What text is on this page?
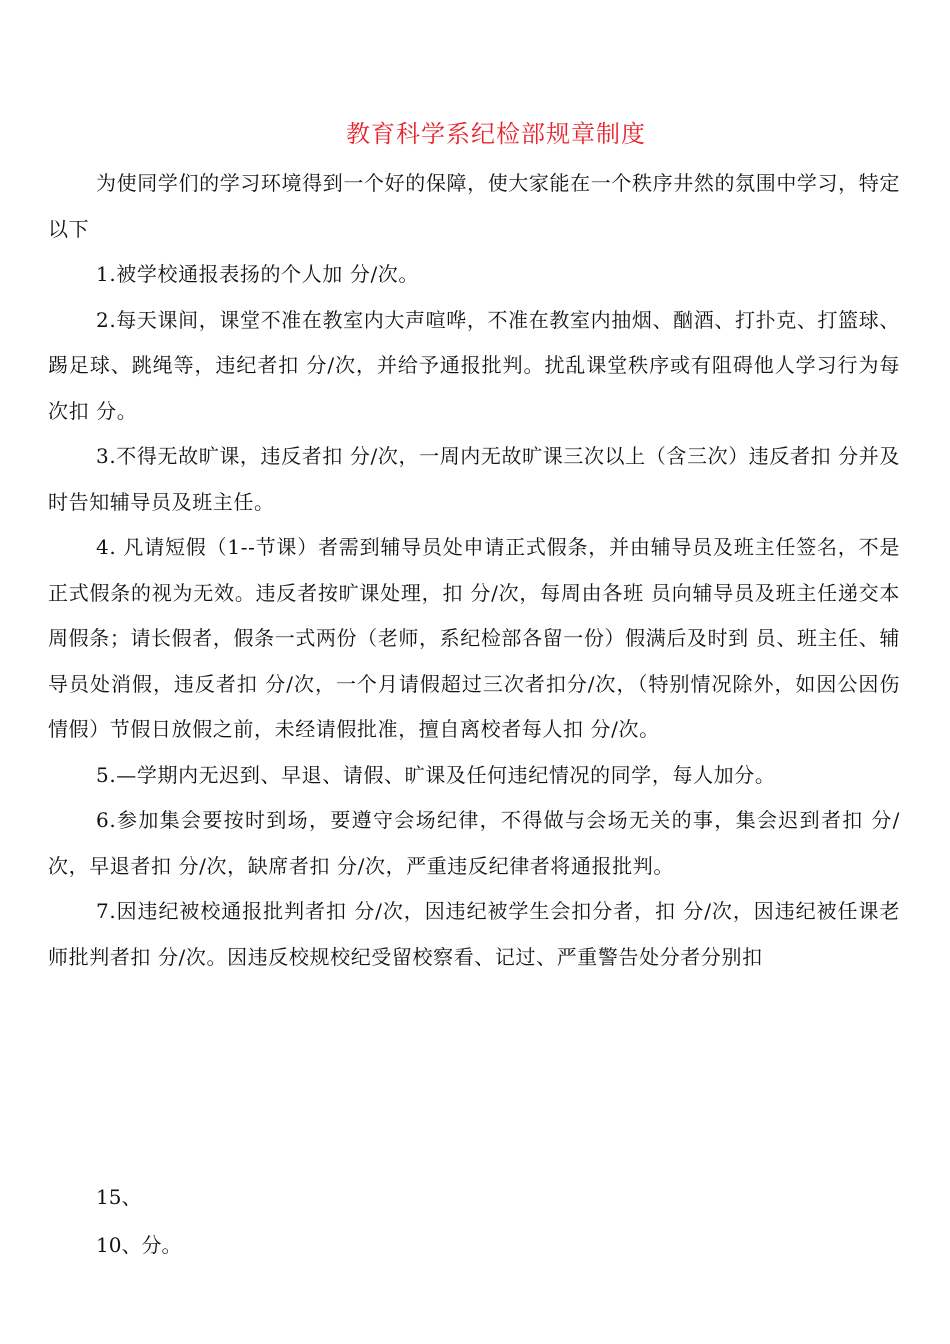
教育科学系纪检部规章制度

为使同学们的学习环境得到一个好的保障，使大家能在一个秩序井然的氛围中学习，特定以下

1.被学校通报表扬的个人加 分/次。

2.每天课间，课堂不准在教室内大声喧哗，不准在教室内抽烟、酗酒、打扑克、打篮球、踢足球、跳绳等，违纪者扣 分/次，并给予通报批判。扰乱课堂秩序或有阻碍他人学习行为每次扣 分。

3.不得无故旷课，违反者扣 分/次，一周内无故旷课三次以上（含三次）违反者扣 分并及时告知辅导员及班主任。

4. 凡请短假（1--节课）者需到辅导员处申请正式假条，并由辅导员及班主任签名，不是正式假条的视为无效。违反者按旷课处理，扣 分/次，每周由各班 员向辅导员及班主任递交本周假条；请长假者，假条一式两份（老师，系纪检部各留一份）假满后及时到 员、班主任、辅导员处消假，违反者扣 分/次，一个月请假超过三次者扣分/次，（特别情况除外，如因公因伤情假）节假日放假之前，未经请假批准，擅自离校者每人扣 分/次。

5.—学期内无迟到、早退、请假、旷课及任何违纪情况的同学，每人加分。

6.参加集会要按时到场，要遵守会场纪律，不得做与会场无关的事，集会迟到者扣 分/次，早退者扣 分/次，缺席者扣 分/次，严重违反纪律者将通报批判。

7.因违纪被校通报批判者扣 分/次，因违纪被学生会扣分者，扣 分/次，因违纪被任课老师批判者扣 分/次。因违反校规校纪受留校察看、记过、严重警告处分者分别扣

15、

10、分。
